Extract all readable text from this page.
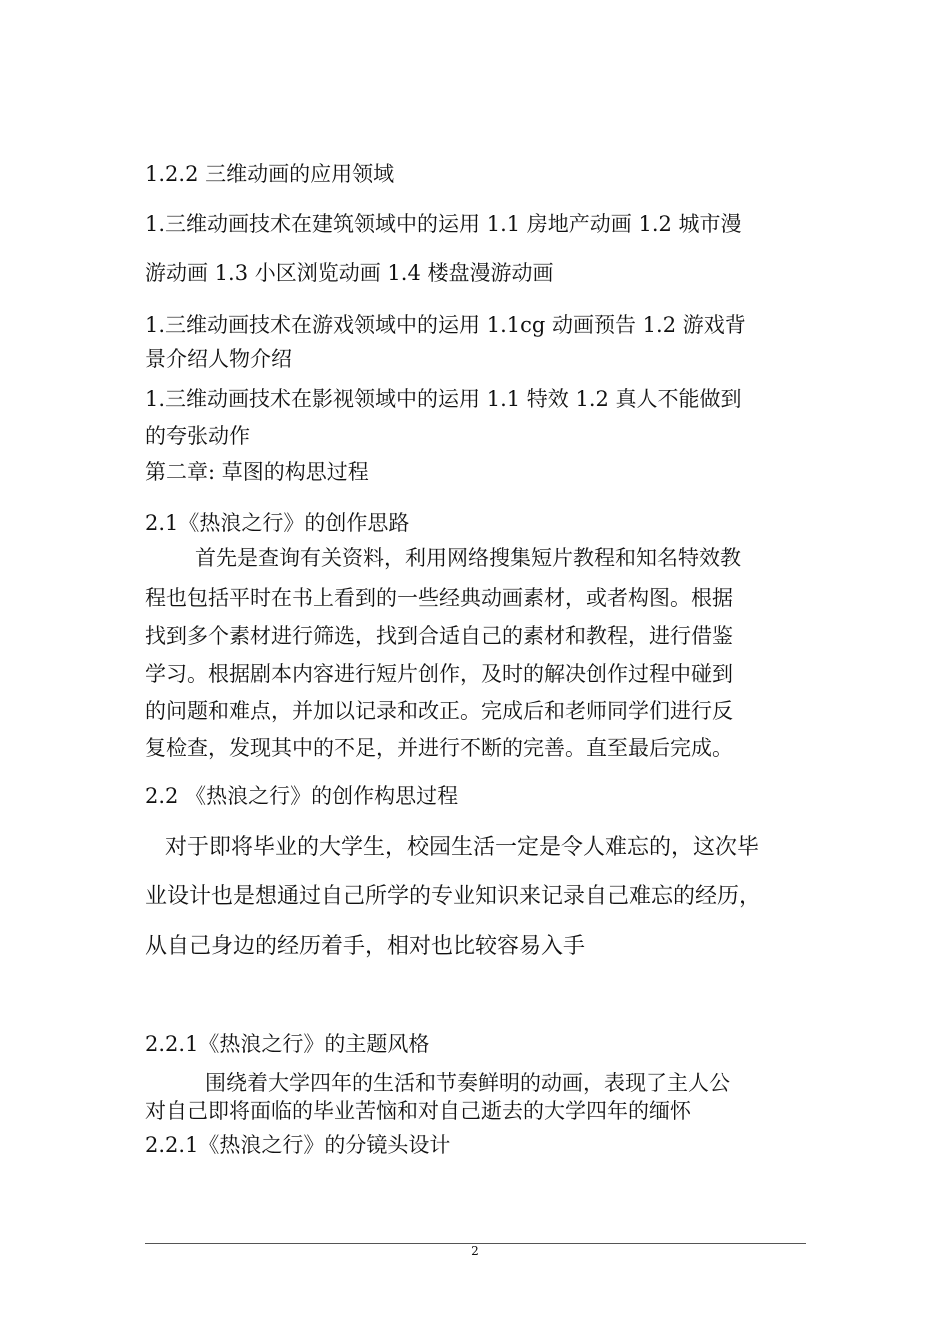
1.2.2 三维动画的应用领域
1.三维动画技术在建筑领域中的运用 1.1 房地产动画 1.2 城市漫
游动画 1.3 小区浏览动画 1.4 楼盘漫游动画
1.三维动画技术在游戏领域中的运用 1.1cg 动画预告 1.2 游戏背
景介绍人物介绍
1.三维动画技术在影视领域中的运用 1.1 特效 1.2 真人不能做到
的夸张动作
第二章: 草图的构思过程
2.1《热浪之行》的创作思路
首先是查询有关资料，利用网络搜集短片教程和知名特效教
程也包括平时在书上看到的一些经典动画素材，或者构图。根据
找到多个素材进行筛选，找到合适自己的素材和教程，进行借鉴
学习。根据剧本内容进行短片创作，及时的解决创作过程中碰到
的问题和难点，并加以记录和改正。完成后和老师同学们进行反
复检查，发现其中的不足，并进行不断的完善。直至最后完成。
2.2 《热浪之行》的创作构思过程
对于即将毕业的大学生，校园生活一定是令人难忘的，这次毕
业设计也是想通过自己所学的专业知识来记录自己难忘的经历，
从自己身边的经历着手，相对也比较容易入手
2.2.1《热浪之行》的主题风格
围绕着大学四年的生活和节奏鲜明的动画，表现了主人公
对自己即将面临的毕业苦恼和对自己逝去的大学四年的缅怀
2.2.1《热浪之行》的分镜头设计
2
